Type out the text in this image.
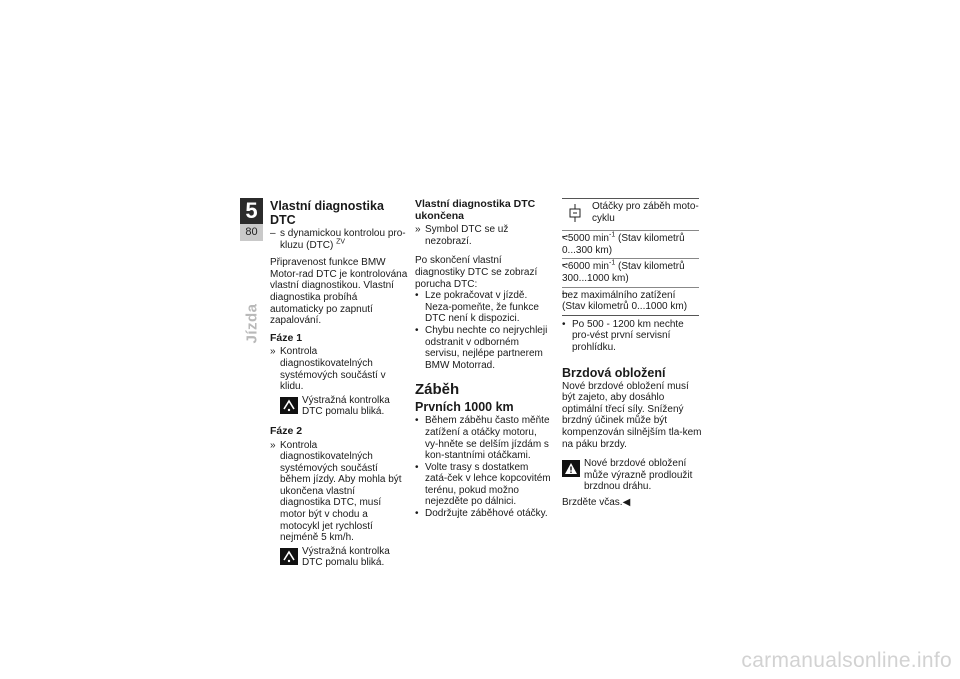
5
80
Jízda
Vlastní diagnostika DTC
– s dynamickou kontrolou pro-kluzu (DTC) $^{ZV}$
Připravenost funkce BMW Motor-rad DTC je kontrolována vlastní diagnostikou. Vlastní diagnostika probíhá automaticky po zapnutí zapalování.
Fáze 1
» Kontrola diagnostikovatelných systémových součástí v klidu.
Výstražná kontrolka DTC pomalu bliká.
Fáze 2
» Kontrola diagnostikovatelných systémových součástí během jízdy. Aby mohla být ukončena vlastní diagnostika DTC, musí motor být v chodu a motocykl jet rychlostí nejméně 5 km/h.
Výstražná kontrolka DTC pomalu bliká.
Vlastní diagnostika DTC ukončena
» Symbol DTC se už nezobrazí.
Po skončení vlastní diagnostiky DTC se zobrazí porucha DTC:
• Lze pokračovat v jízdě. Neza-pomeňte, že funkce DTC není k dispozici.
• Chybu nechte co nejrychleji odstranit v odborném servisu, nejlépe partnerem BMW Motorrad.
Záběh
Prvních 1000 km
• Během záběhu často měňte zatížení a otáčky motoru, vy-hněte se delším jízdám s kon-stantními otáčkami.
• Volte trasy s dostatkem zatá-ček v lehce kopcovitém terénu, pokud možno nejezděte po dálnici.
• Dodržujte záběhové otáčky.
Otáčky pro záběh moto-cyklu
– <5000 $\min^{-1}$ (Stav kilometrů 0...300 km)
– <6000 $\min^{-1}$ (Stav kilometrů 300...1000 km)
– bez maximálního zatížení (Stav kilometrů 0...1000 km)
• Po 500 - 1200 km nechte pro-vést první servisní prohlídku.
Brzdová obložení
Nové brzdové obložení musí být zajeto, aby dosáhlo optimální třecí síly. Snížený brzdný účinek může být kompenzován silnějším tla-kem na páku brzdy.
Nové brzdové obložení může výrazně prodloužit brzdnou dráhu.
Brzděte včas.◀
carmanualsonline.info
